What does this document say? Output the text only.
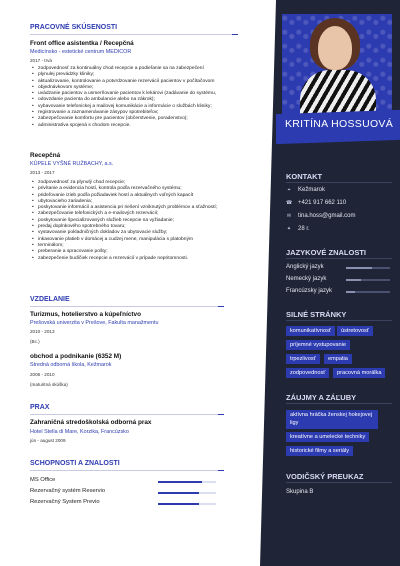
KRITÍNA HOSSUOVÁ
KONTAKT
⌖ Kežmarok
☎ +421 917 662 110
✉ tina.hoss@gmail.com
✦ 28 r.
JAZYKOVÉ ZNALOSTI
Anglický jazyk
Nemecký jazyk
Francúzsky jazyk
SILNÉ STRÁNKY
komunikatívnosť	ústretovosť
príjemné vystupovanie
trpezlivosť	empatia
zodpovednosť	pracovná morálka
ZÁUJMY A ZÁĽUBY
aktívna hráčka ženskej hokejovej ligy
kreatívne a umelecké techniky
historické filmy a seriály
VODIČSKÝ PREUKAZ
Skupina B
PRACOVNÉ SKÚSENOSTI
Front office asistentka / Recepčná
Medicínsko - estetické centrum MEDICOR
2017 - trvá
• zodpovednosť za kontinuálny chod recepcie a podieľanie sa na zabezpečení
• plynulej prevádzky kliniky;
• aktualizovanie, kontrolovanie a potvrdzovanie rezervácií pacientov v počítačovom
• objednávkovom systéme;
• uvádzanie pacientov a usmerňovanie pacientov k lekárovi (zadávanie do systému,
• odovzdanie pacienta do ambulancie alebo na zákrok);
• vybavovanie telefonickej a mailovej komunikácie a informácie o službách kliniky;
• registrovanie a zaznamenávanie zásypov spotrebiteľov;
• zabezpečovanie komfortu pre pacientov (občerstvenie, poradenstvo);
• administratíva spojená s chodom recepcie.
Recepčná
KÚPELE VYŠNÉ RUŽBACHY, a.s.
2013 - 2017
• zodpovednosť za plynulý chod recepcie;
• privítanie a evidencia hostí, kontrola podľa rezervačného systému;
• prideľovanie izieb podľa požiadaviek hostí a aktuálnych voľných kapacít
• ubytovacieho zariadenia;
• poskytovanie informácií a asistencia pri riešení vzniknutých problémov a sťažností;
• zabezpečovanie telefonických a e-mailových rezervácií;
• poskytovanie špecializovaných služieb recepcie na vyžiadanie;
• predaj doplnkového spotrebného tovaru;
• vystavovanie pokladničných dokladov za ubytovacie služby;
• inkasovanie platieb v domácej a cudzej mene, manipulácia s platobným
• terminálom;
• preberanie a spracovanie pošty;
• zabezpečenie budíčiek recepcie a rezervácií v prípade nepritomnosti.
VZDELANIE
Turizmus, hotelierstvo a kúpeľníctvo
Prešovská univerzita v Prešove, Fakulta manažmentu
2010 - 2013
(Bc.)
obchod a podnikanie (6352 M)
Stredná odborná škola, Kežmarok
2006 - 2010
(maturitná skúška)
PRAX
Zahraničná stredoškolská odborná prax
Hotel Stella di Mare, Korzika, Francúzsko
jún - august 2009
SCHOPNOSTI A ZNALOSTI
MS Office
Rezervačný systém Reservio
Rezervačný System Previo
